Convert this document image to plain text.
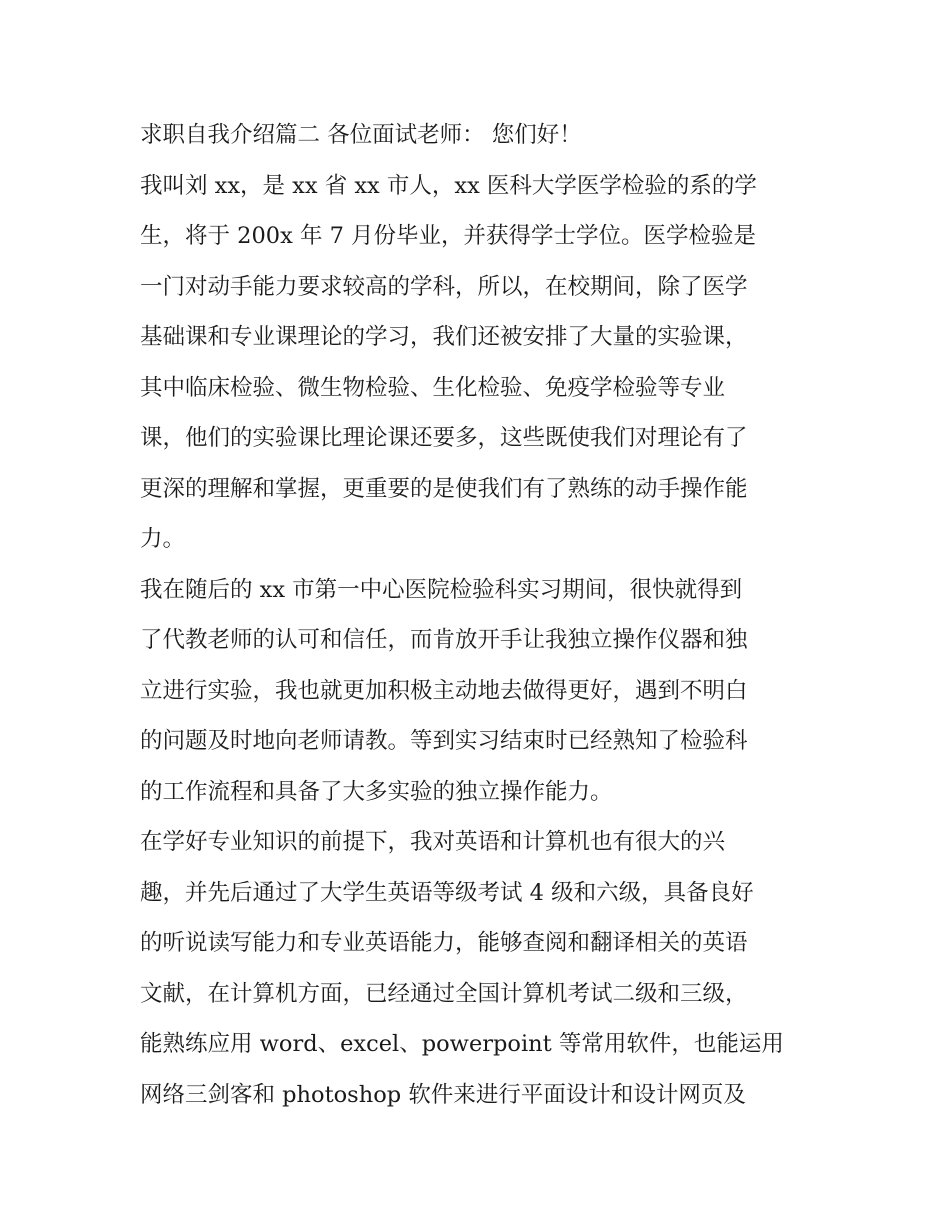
求职自我介绍篇二 各位面试老师： 您们好！
我叫刘 xx，是 xx 省 xx 市人，xx 医科大学医学检验的系的学
生，将于 200x 年 7 月份毕业，并获得学士学位。医学检验是
一门对动手能力要求较高的学科，所以，在校期间，除了医学
基础课和专业课理论的学习，我们还被安排了大量的实验课，
其中临床检验、微生物检验、生化检验、免疫学检验等专业
课，他们的实验课比理论课还要多，这些既使我们对理论有了
更深的理解和掌握，更重要的是使我们有了熟练的动手操作能
力。
我在随后的 xx 市第一中心医院检验科实习期间，很快就得到
了代教老师的认可和信任，而肯放开手让我独立操作仪器和独
立进行实验，我也就更加积极主动地去做得更好，遇到不明白
的问题及时地向老师请教。等到实习结束时已经熟知了检验科
的工作流程和具备了大多实验的独立操作能力。
在学好专业知识的前提下，我对英语和计算机也有很大的兴
趣，并先后通过了大学生英语等级考试 4 级和六级，具备良好
的听说读写能力和专业英语能力，能够查阅和翻译相关的英语
文献，在计算机方面，已经通过全国计算机考试二级和三级，
能熟练应用 word、excel、powerpoint 等常用软件，也能运用
网络三剑客和 photoshop 软件来进行平面设计和设计网页及
